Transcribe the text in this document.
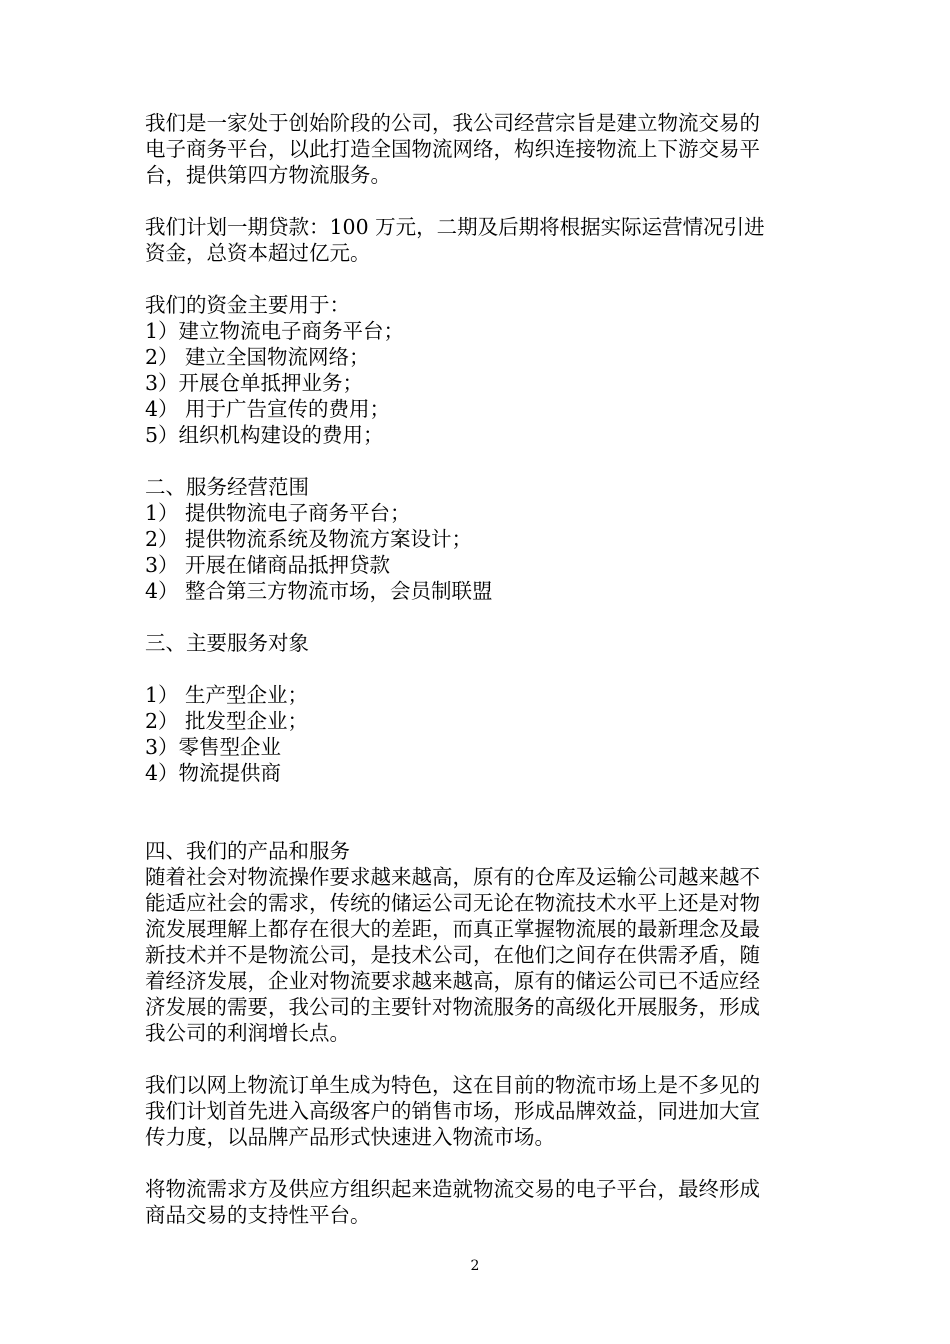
我们是一家处于创始阶段的公司，我公司经营宗旨是建立物流交易的
电子商务平台，以此打造全国物流网络，构织连接物流上下游交易平
台，提供第四方物流服务。
我们计划一期贷款：100 万元，二期及后期将根据实际运营情况引进
资金，总资本超过亿元。
我们的资金主要用于：
1）建立物流电子商务平台；
2） 建立全国物流网络；
3）开展仓单抵押业务；
4） 用于广告宣传的费用；
5）组织机构建设的费用；
二、服务经营范围
1） 提供物流电子商务平台；
2） 提供物流系统及物流方案设计；
3） 开展在储商品抵押贷款
4） 整合第三方物流市场，会员制联盟
三、主要服务对象
1） 生产型企业；
2） 批发型企业；
3）零售型企业
4）物流提供商
四、我们的产品和服务
随着社会对物流操作要求越来越高，原有的仓库及运输公司越来越不
能适应社会的需求，传统的储运公司无论在物流技术水平上还是对物
流发展理解上都存在很大的差距，而真正掌握物流展的最新理念及最
新技术并不是物流公司，是技术公司，在他们之间存在供需矛盾，随
着经济发展，企业对物流要求越来越高，原有的储运公司已不适应经
济发展的需要，我公司的主要针对物流服务的高级化开展服务，形成
我公司的利润增长点。
我们以网上物流订单生成为特色，这在目前的物流市场上是不多见的
我们计划首先进入高级客户的销售市场，形成品牌效益，同进加大宣
传力度，以品牌产品形式快速进入物流市场。
将物流需求方及供应方组织起来造就物流交易的电子平台，最终形成
商品交易的支持性平台。
2
